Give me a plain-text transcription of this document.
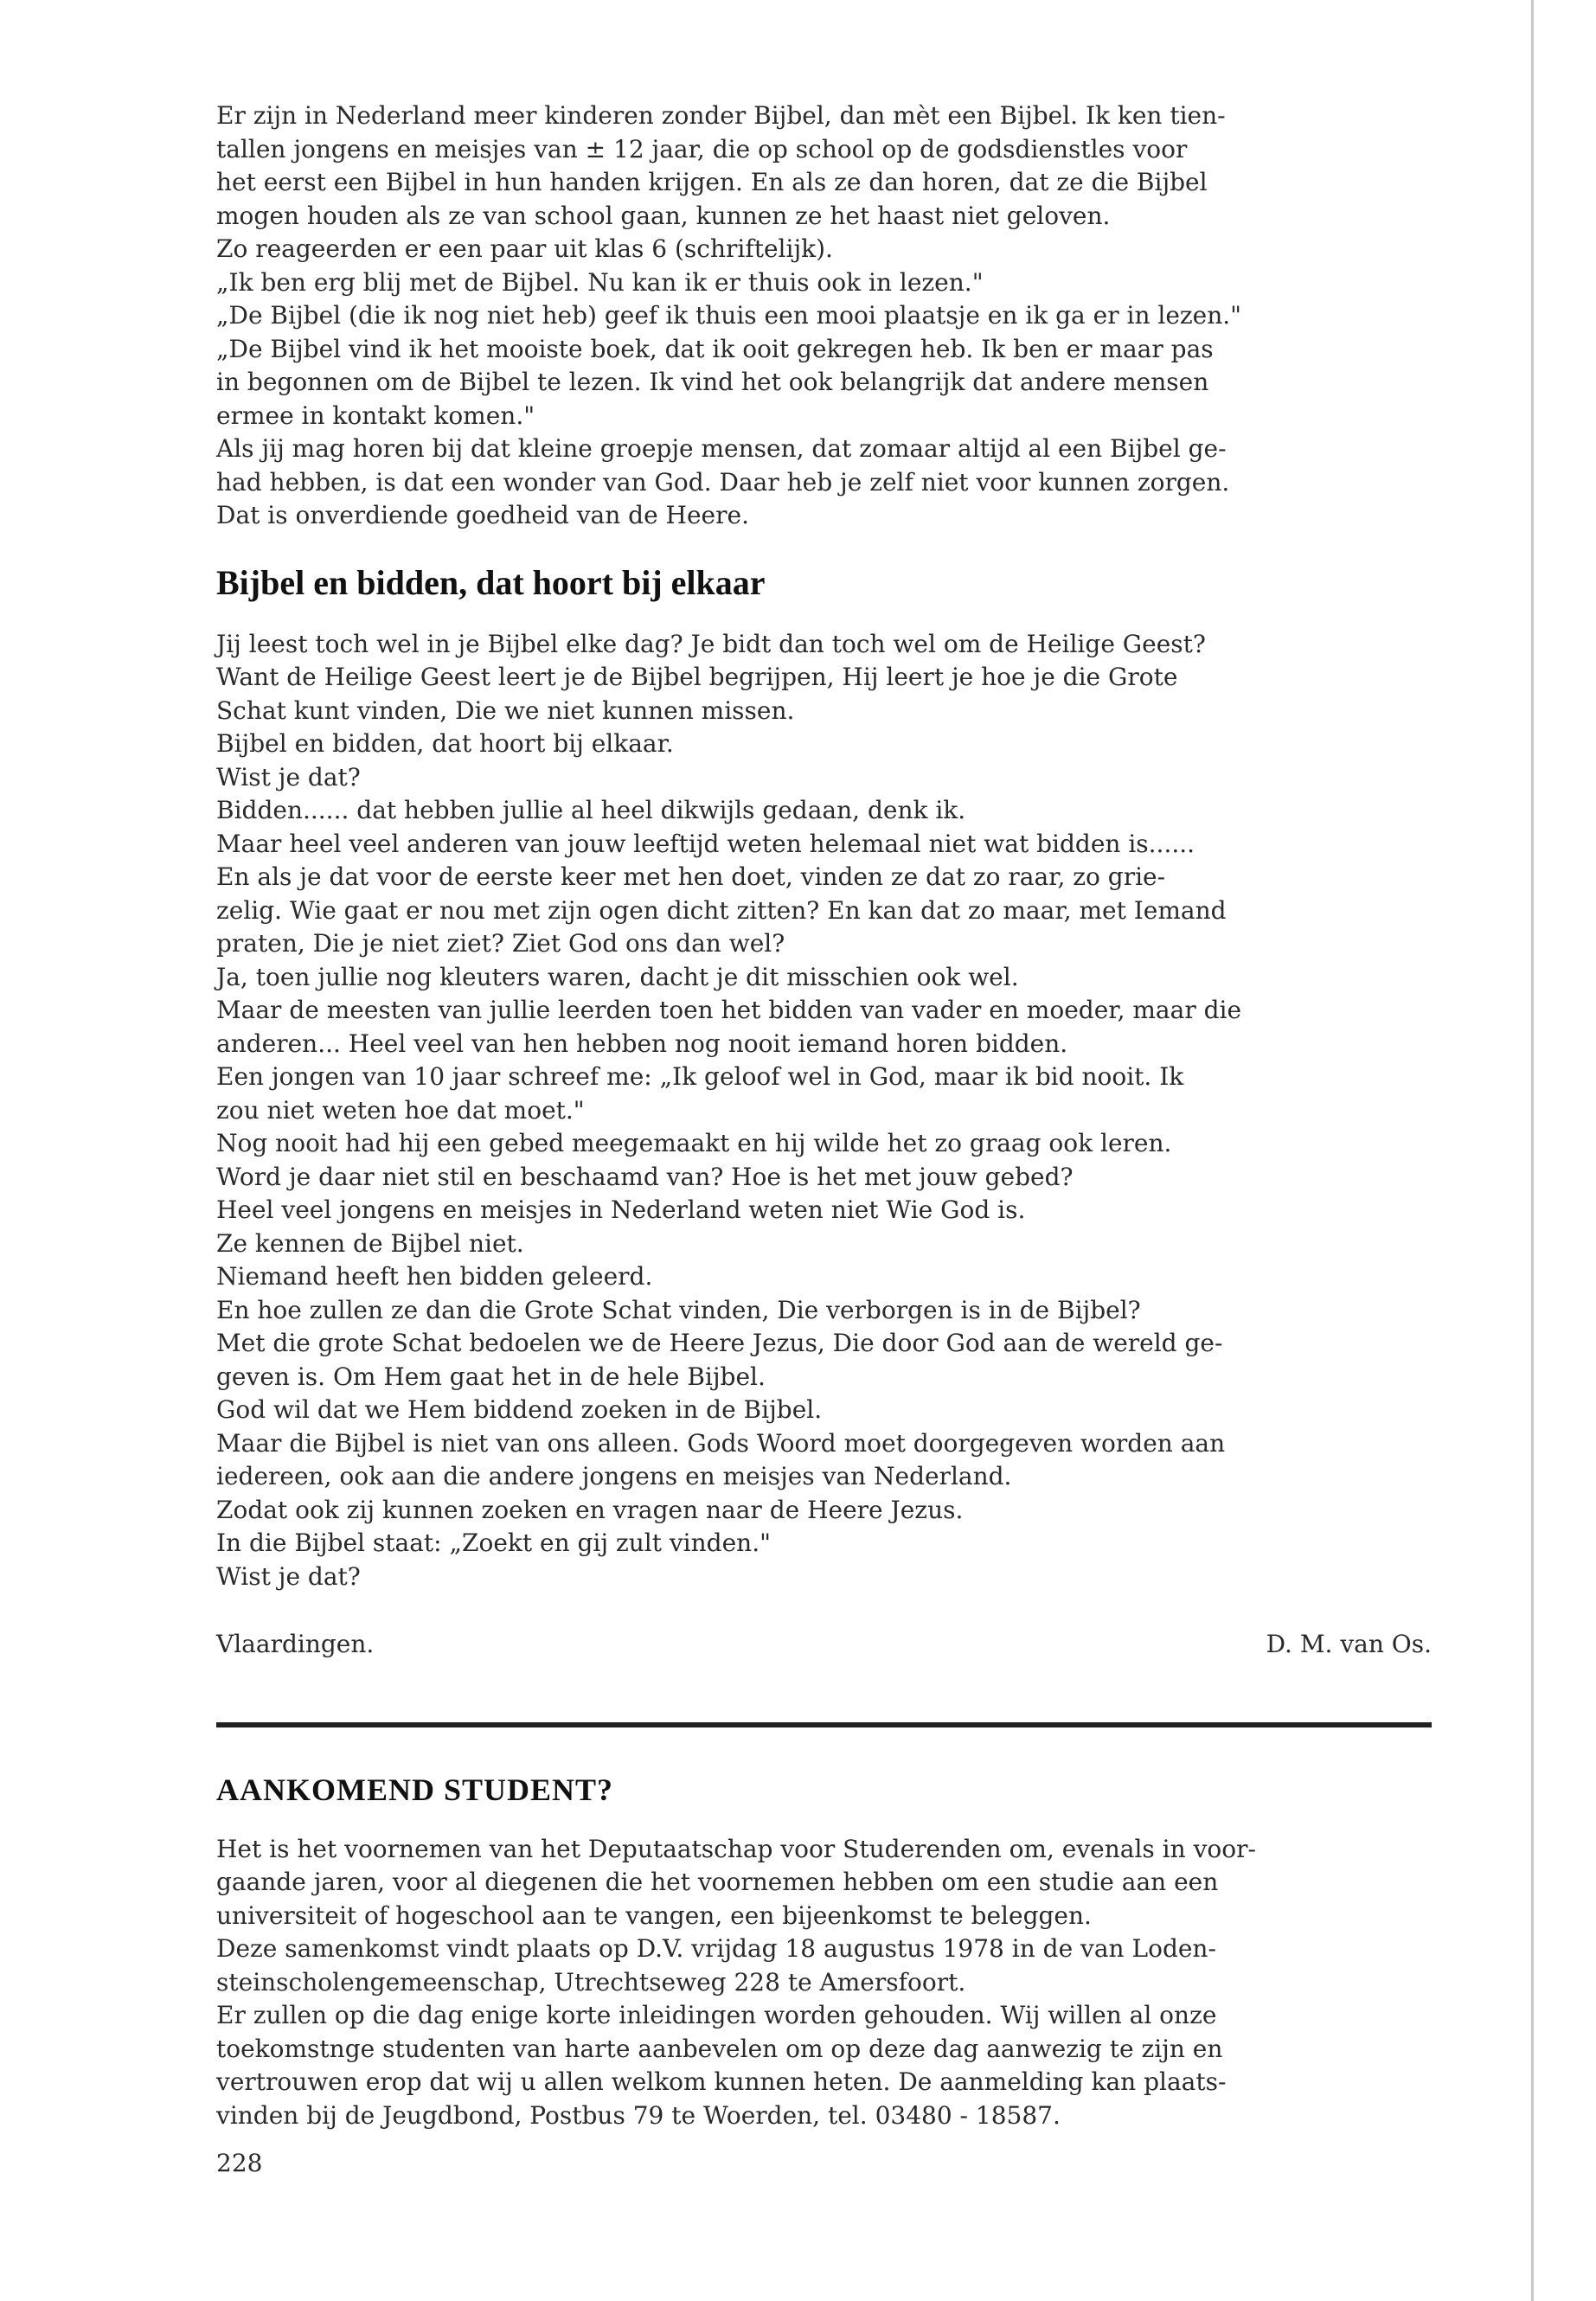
Er zijn in Nederland meer kinderen zonder Bijbel, dan mèt een Bijbel. Ik ken tien-
tallen jongens en meisjes van ± 12 jaar, die op school op de godsdienstles voor
het eerst een Bijbel in hun handen krijgen. En als ze dan horen, dat ze die Bijbel
mogen houden als ze van school gaan, kunnen ze het haast niet geloven.
Zo reageerden er een paar uit klas 6 (schriftelijk).
„Ik ben erg blij met de Bijbel. Nu kan ik er thuis ook in lezen."
„De Bijbel (die ik nog niet heb) geef ik thuis een mooi plaatsje en ik ga er in lezen."
„De Bijbel vind ik het mooiste boek, dat ik ooit gekregen heb. Ik ben er maar pas
in begonnen om de Bijbel te lezen. Ik vind het ook belangrijk dat andere mensen
ermee in kontakt komen."
Als jij mag horen bij dat kleine groepje mensen, dat zomaar altijd al een Bijbel ge-
had hebben, is dat een wonder van God. Daar heb je zelf niet voor kunnen zorgen.
Dat is onverdiende goedheid van de Heere.
Bijbel en bidden, dat hoort bij elkaar
Jij leest toch wel in je Bijbel elke dag? Je bidt dan toch wel om de Heilige Geest?
Want de Heilige Geest leert je de Bijbel begrijpen, Hij leert je hoe je die Grote
Schat kunt vinden, Die we niet kunnen missen.
Bijbel en bidden, dat hoort bij elkaar.
Wist je dat?
Bidden...... dat hebben jullie al heel dikwijls gedaan, denk ik.
Maar heel veel anderen van jouw leeftijd weten helemaal niet wat bidden is......
En als je dat voor de eerste keer met hen doet, vinden ze dat zo raar, zo grie-
zelig. Wie gaat er nou met zijn ogen dicht zitten? En kan dat zo maar, met Iemand
praten, Die je niet ziet? Ziet God ons dan wel?
Ja, toen jullie nog kleuters waren, dacht je dit misschien ook wel.
Maar de meesten van jullie leerden toen het bidden van vader en moeder, maar die
anderen... Heel veel van hen hebben nog nooit iemand horen bidden.
Een jongen van 10 jaar schreef me: „Ik geloof wel in God, maar ik bid nooit. Ik
zou niet weten hoe dat moet."
Nog nooit had hij een gebed meegemaakt en hij wilde het zo graag ook leren.
Word je daar niet stil en beschaamd van? Hoe is het met jouw gebed?
Heel veel jongens en meisjes in Nederland weten niet Wie God is.
Ze kennen de Bijbel niet.
Niemand heeft hen bidden geleerd.
En hoe zullen ze dan die Grote Schat vinden, Die verborgen is in de Bijbel?
Met die grote Schat bedoelen we de Heere Jezus, Die door God aan de wereld ge-
geven is. Om Hem gaat het in de hele Bijbel.
God wil dat we Hem biddend zoeken in de Bijbel.
Maar die Bijbel is niet van ons alleen. Gods Woord moet doorgegeven worden aan
iedereen, ook aan die andere jongens en meisjes van Nederland.
Zodat ook zij kunnen zoeken en vragen naar de Heere Jezus.
In die Bijbel staat: „Zoekt en gij zult vinden."
Wist je dat?
Vlaardingen.	D. M. van Os.
AANKOMEND STUDENT?
Het is het voornemen van het Deputaatschap voor Studerenden om, evenals in voor-
gaande jaren, voor al diegenen die het voornemen hebben om een studie aan een
universiteit of hogeschool aan te vangen, een bijeenkomst te beleggen.
Deze samenkomst vindt plaats op D.V. vrijdag 18 augustus 1978 in de van Loden-
steinscholengemeenschap, Utrechtseweg 228 te Amersfoort.
Er zullen op die dag enige korte inleidingen worden gehouden. Wij willen al onze
toekomstnge studenten van harte aanbevelen om op deze dag aanwezig te zijn en
vertrouwen erop dat wij u allen welkom kunnen heten. De aanmelding kan plaats-
vinden bij de Jeugdbond, Postbus 79 te Woerden, tel. 03480 - 18587.
228
